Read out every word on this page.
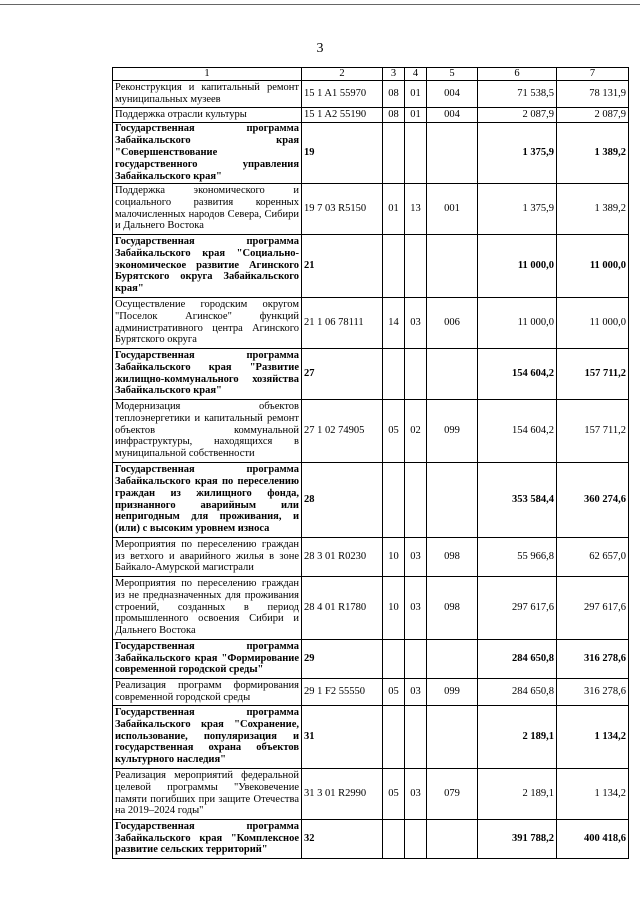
3
1	2	3	4	5	6	7
Реконструкция и капитальный ремонт муниципальных музеев	15 1 A1 55970	08	01	004	71 538,5	78 131,9
Поддержка отрасли культуры	15 1 A2 55190	08	01	004	2 087,9	2 087,9
Государственная программа Забайкальского края "Совершенствование государственного управления Забайкальского края"	19				1 375,9	1 389,2
Поддержка экономического и социального развития коренных малочисленных народов Севера, Сибири и Дальнего Востока	19 7 03 R5150	01	13	001	1 375,9	1 389,2
Государственная программа Забайкальского края "Социально-экономическое развитие Агинского Бурятского округа Забайкальского края"	21				11 000,0	11 000,0
Осуществление городским округом "Поселок Агинское" функций административного центра Агинского Бурятского округа	21 1 06 78111	14	03	006	11 000,0	11 000,0
Государственная программа Забайкальского края "Развитие жилищно-коммунального хозяйства Забайкальского края"	27				154 604,2	157 711,2
Модернизация объектов теплоэнергетики и капитальный ремонт объектов коммунальной инфраструктуры, находящихся в муниципальной собственности	27 1 02 74905	05	02	099	154 604,2	157 711,2
Государственная программа Забайкальского края по переселению граждан из жилищного фонда, признанного аварийным или непригодным для проживания, и (или) с высоким уровнем износа	28				353 584,4	360 274,6
Мероприятия по переселению граждан из ветхого и аварийного жилья в зоне Байкало-Амурской магистрали	28 3 01 R0230	10	03	098	55 966,8	62 657,0
Мероприятия по переселению граждан из не предназначенных для проживания строений, созданных в период промышленного освоения Сибири и Дальнего Востока	28 4 01 R1780	10	03	098	297 617,6	297 617,6
Государственная программа Забайкальского края "Формирование современной городской среды"	29				284 650,8	316 278,6
Реализация программ формирования современной городской среды	29 1 F2 55550	05	03	099	284 650,8	316 278,6
Государственная программа Забайкальского края "Сохранение, использование, популяризация и государственная охрана объектов культурного наследия"	31				2 189,1	1 134,2
Реализация мероприятий федеральной целевой программы "Увековечение памяти погибших при защите Отечества на 2019–2024 годы"	31 3 01 R2990	05	03	079	2 189,1	1 134,2
Государственная программа Забайкальского края "Комплексное развитие сельских территорий"	32				391 788,2	400 418,6
